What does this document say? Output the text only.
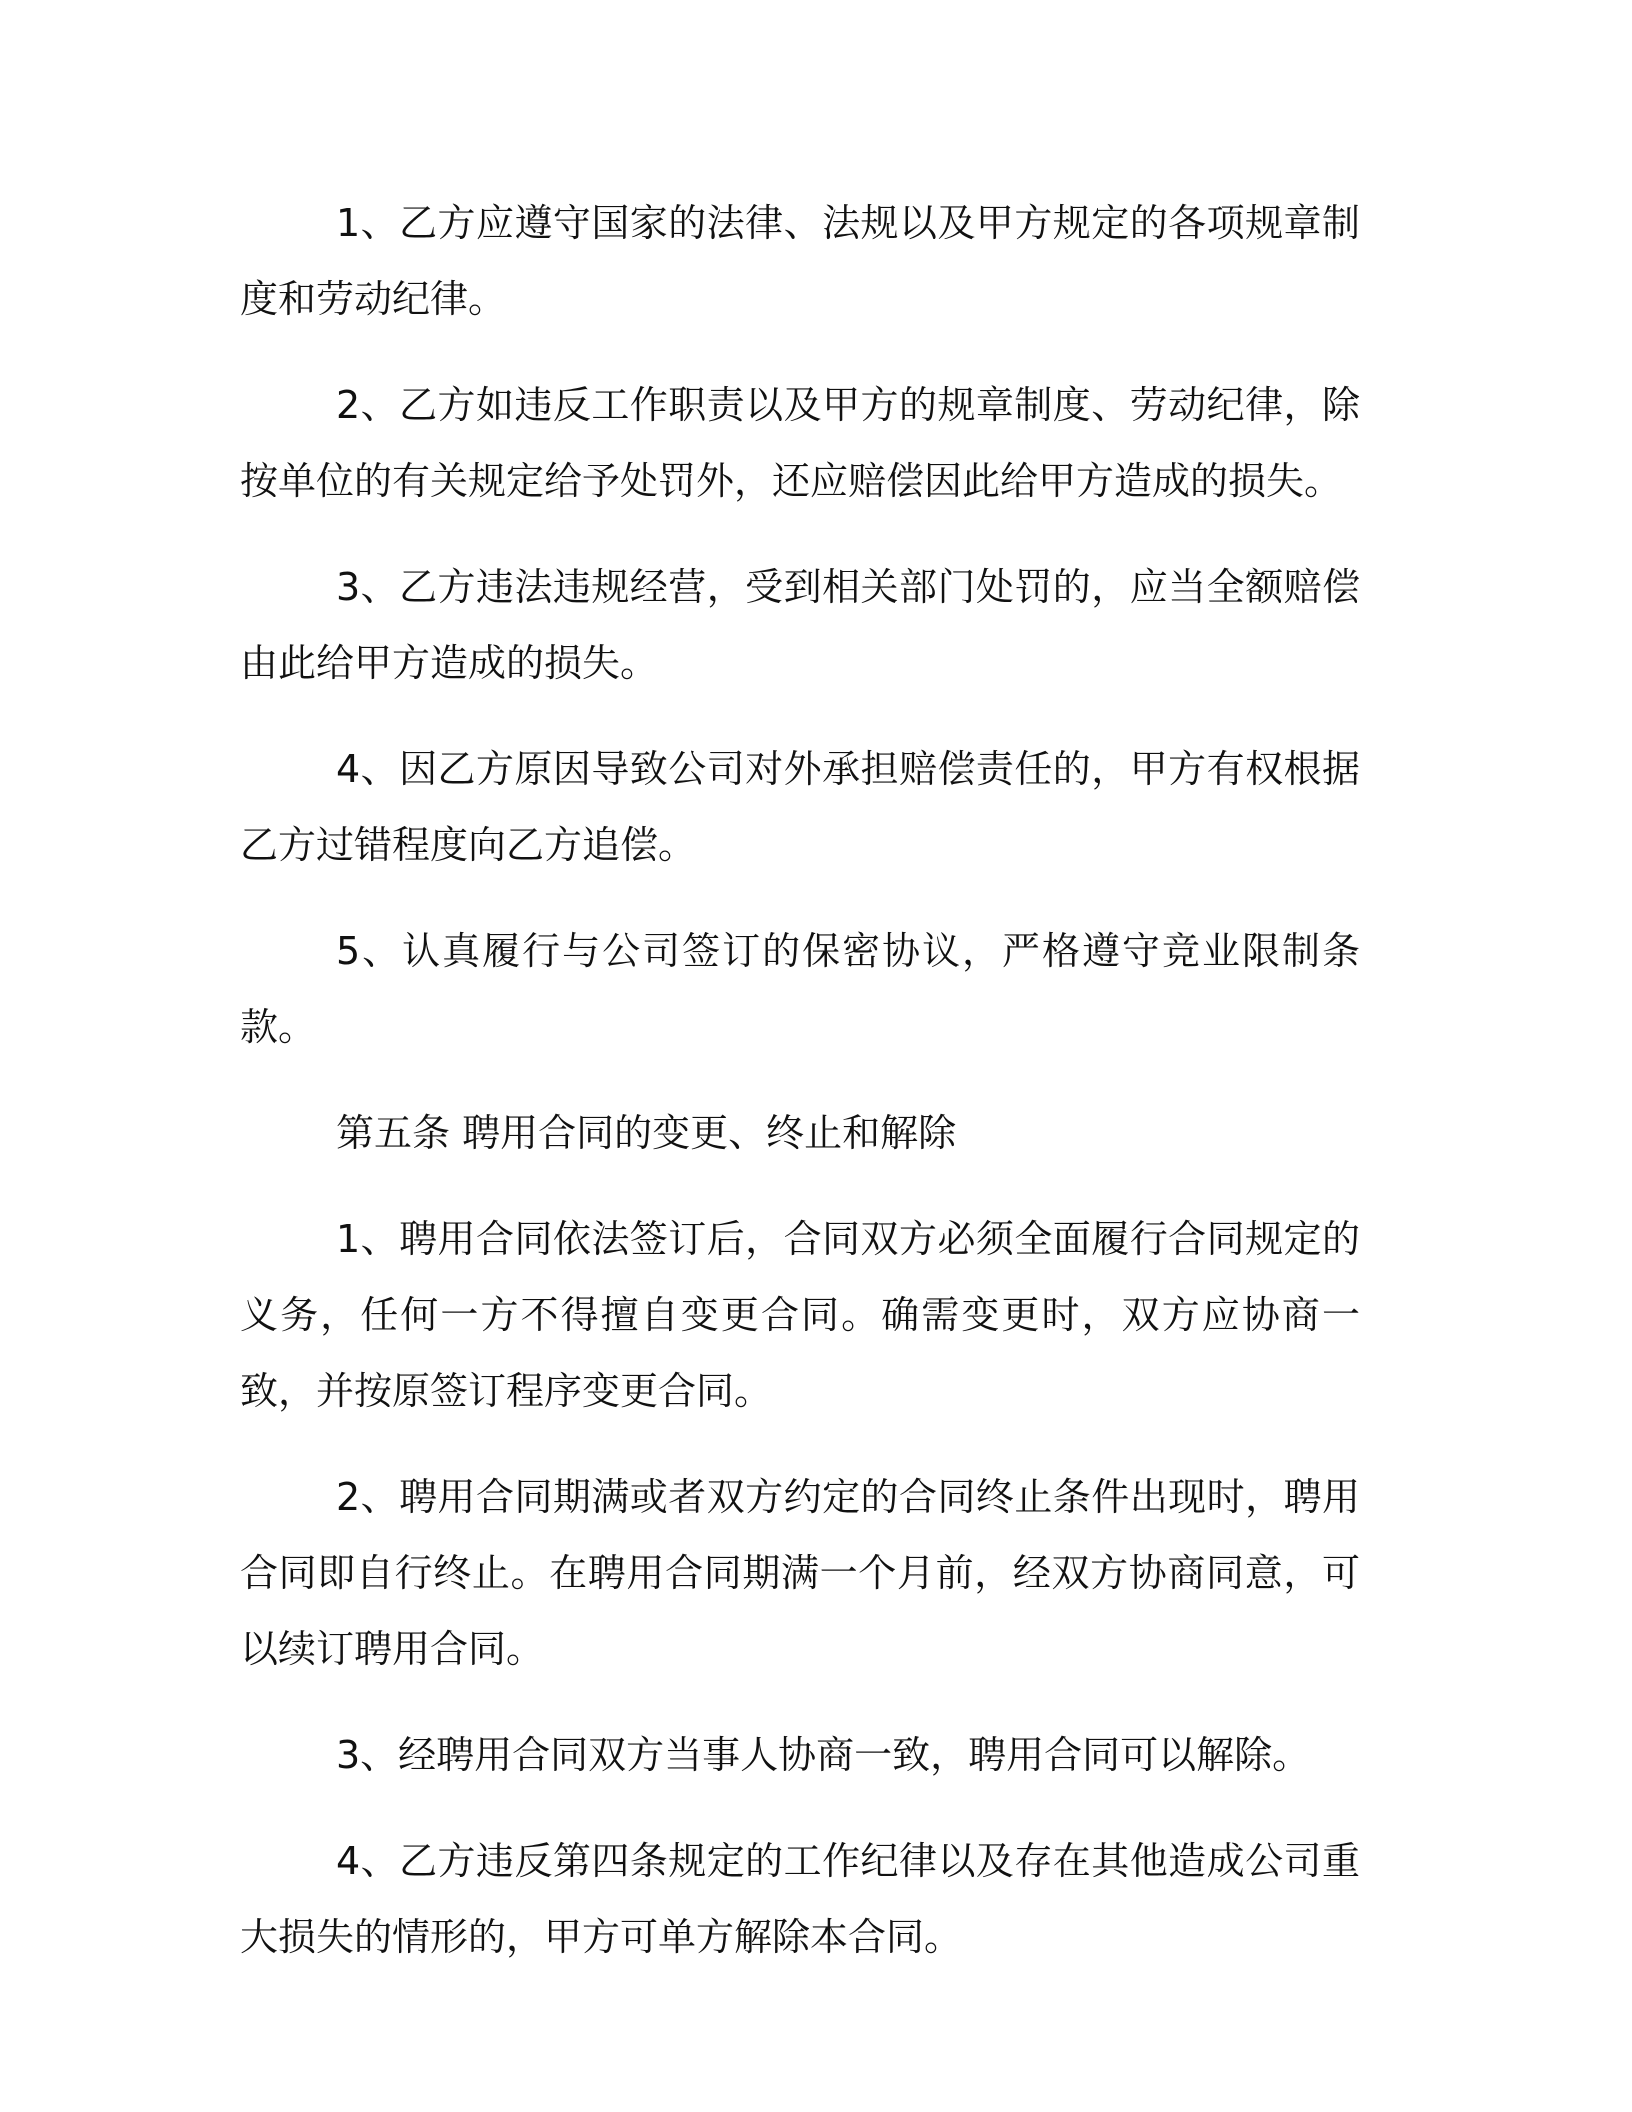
1、乙方应遵守国家的法律、法规以及甲方规定的各项规章制度和劳动纪律。

2、乙方如违反工作职责以及甲方的规章制度、劳动纪律，除按单位的有关规定给予处罚外，还应赔偿因此给甲方造成的损失。

3、乙方违法违规经营，受到相关部门处罚的，应当全额赔偿由此给甲方造成的损失。

4、因乙方原因导致公司对外承担赔偿责任的，甲方有权根据乙方过错程度向乙方追偿。

5、认真履行与公司签订的保密协议，严格遵守竞业限制条款。

第五条 聘用合同的变更、终止和解除

1、聘用合同依法签订后，合同双方必须全面履行合同规定的义务，任何一方不得擅自变更合同。确需变更时，双方应协商一致，并按原签订程序变更合同。

2、聘用合同期满或者双方约定的合同终止条件出现时，聘用合同即自行终止。在聘用合同期满一个月前，经双方协商同意，可以续订聘用合同。

3、经聘用合同双方当事人协商一致，聘用合同可以解除。

4、乙方违反第四条规定的工作纪律以及存在其他造成公司重大损失的情形的，甲方可单方解除本合同。
